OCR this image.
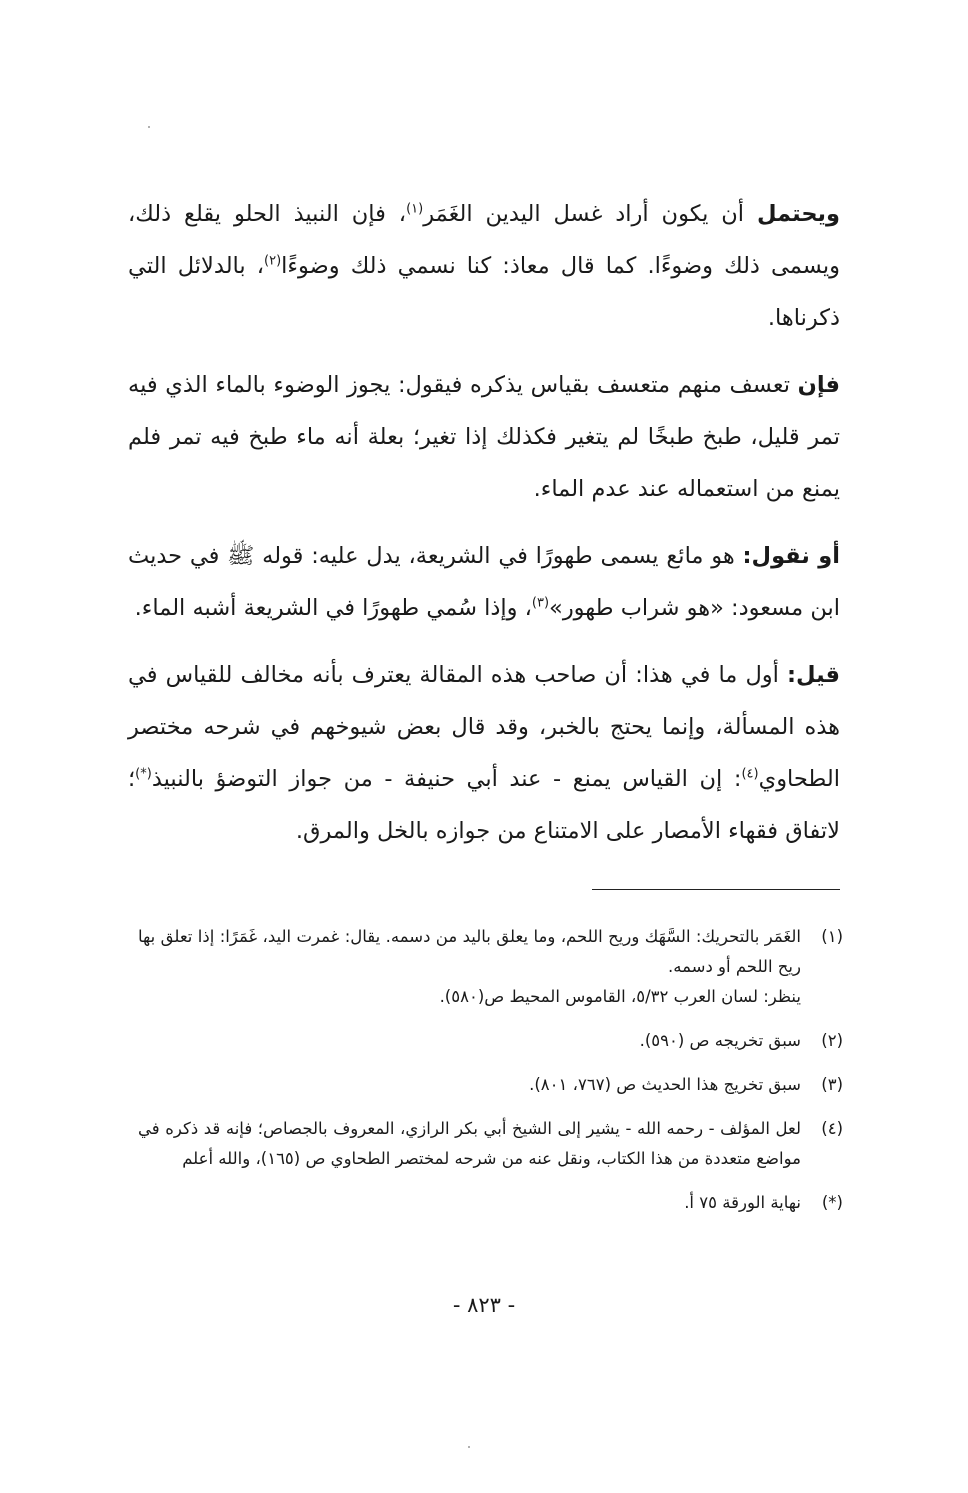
ويحتمل أن يكون أراد غسل اليدين الغَمَر$^{(١)}$، فإن النبيذ الحلو يقلع ذلك، ويسمى ذلك وضوءًا. كما قال معاذ: كنا نسمي ذلك وضوءًا$^{(٢)}$، بالدلائل التي ذكرناها.

فإن تعسف منهم متعسف بقياس يذكره فيقول: يجوز الوضوء بالماء الذي فيه تمر قليل، طبخ طبخًا لم يتغير فكذلك إذا تغير؛ بعلة أنه ماء طبخ فيه تمر فلم يمنع من استعماله عند عدم الماء.

أو نقول: هو مائع يسمى طهورًا في الشريعة، يدل عليه: قوله ﷺ في حديث ابن مسعود: «هو شراب طهور»$^{(٣)}$، وإذا سُمي طهورًا في الشريعة أشبه الماء.

قيل: أول ما في هذا: أن صاحب هذه المقالة يعترف بأنه مخالف للقياس في هذه المسألة، وإنما يحتج بالخبر، وقد قال بعض شيوخهم في شرحه مختصر الطحاوي$^{(٤)}$: إن القياس يمنع - عند أبي حنيفة - من جواز التوضؤ بالنبيذ(*)؛ لاتفاق فقهاء الأمصار على الامتناع من جوازه بالخل والمرق.

(١)
الغَمَر بالتحريك: السَّهَك وريح اللحم، وما يعلق باليد من دسمه. يقال: غمرت اليد، غَمَرًا: إذا تعلق بها ريح اللحم أو دسمه.
ينظر: لسان العرب ٥/٣٢، القاموس المحيط ص(٥٨٠).
(٢)
سبق تخريجه ص (٥٩٠).
(٣)
سبق تخريج هذا الحديث ص (٧٦٧، ٨٠١).
(٤)
لعل المؤلف - رحمه الله - يشير إلى الشيخ أبي بكر الرازي، المعروف بالجصاص؛ فإنه قد ذكره في مواضع متعددة من هذا الكتاب، ونقل عنه من شرحه لمختصر الطحاوي ص (١٦٥)، والله أعلم
(*)
نهاية الورقة ٧٥ أ.
- ٨٢٣ -
